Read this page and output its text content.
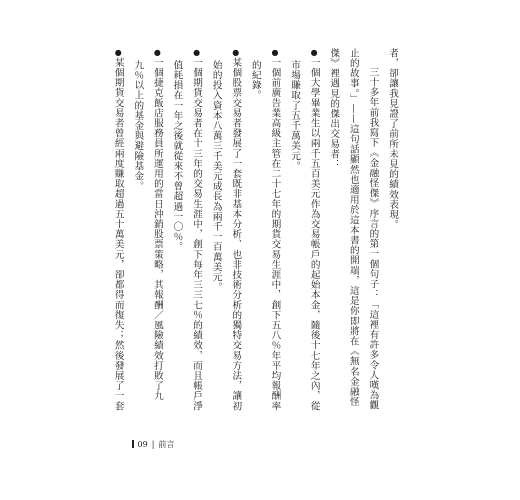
者，卻讓我見證了前所未見的績效表現。

三十多年前我寫下《金融怪傑》序言的第一個句子：「這裡有許多令人嘆為觀止的故事。」——這句話顯然也適用於這本書的開端，這是你即將在《無名金融怪傑》裡遇見的傑出交易者：

●一個大學畢業生以兩千五百美元作為交易帳戶的起始本金，隨後十七年之內，從市場賺取了五千萬美元。

●一個前廣告業高級主管在二十七年的期貨交易生涯中，創下五八％年平均報酬率的紀錄。

●某個股票交易者發展了一套既非基本分析、也非技術分析的獨特交易方法，讓初始的投入資本八萬三千美元成長為兩千一百萬美元。

●一個期貨交易者在十三年的交易生涯中，創下每年三三七％的績效，而且帳戶淨值耗損在一年之後就從來不曾超過一〇％。

●一個捷克飯店服務員所運用的當日沖銷股票策略，其報酬／風險績效打敗了九九％以上的基金與避險基金。

●某個期貨交易者曾經兩度賺取超過五十萬美元，卻都得而復失；然後發展了一套

09 | 前言
